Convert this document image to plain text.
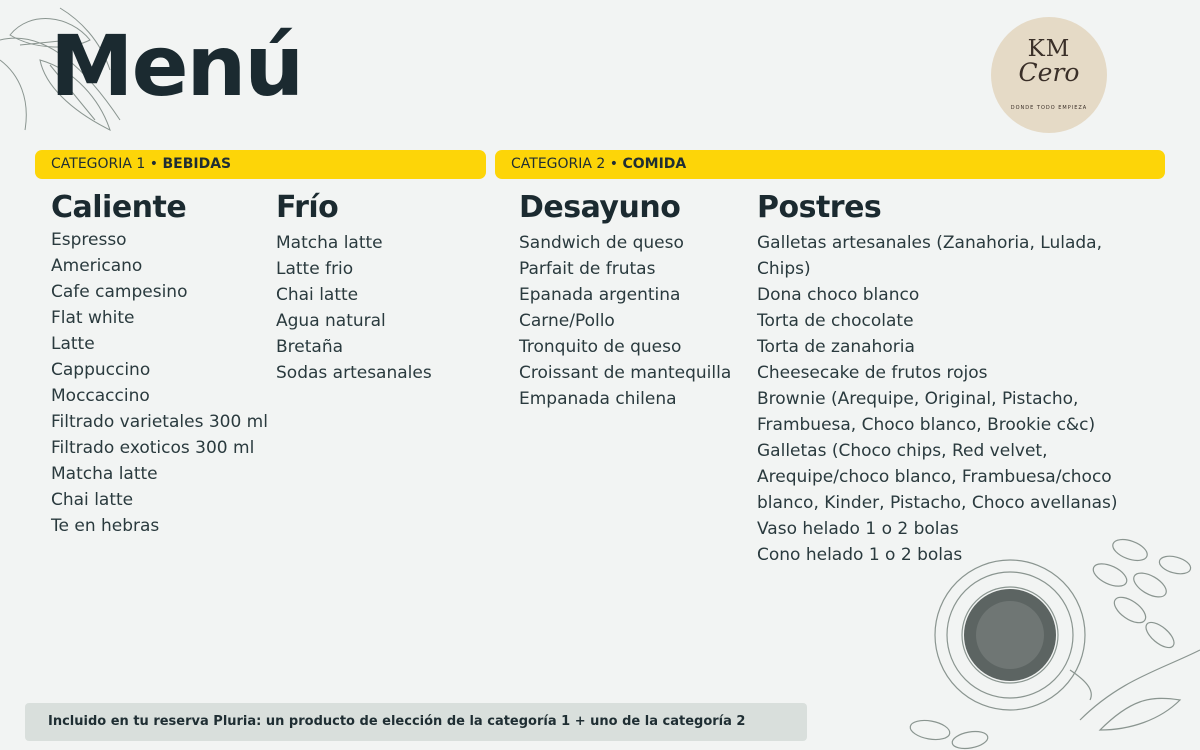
Menú	KM
Cero
DONDE TODO EMPIEZA
CATEGORIA 1 • BEBIDAS	CATEGORIA 2 • COMIDA
Caliente
Espresso
Americano
Cafe campesino
Flat white
Latte
Cappuccino
Moccaccino
Filtrado varietales 300 ml
Filtrado exoticos 300 ml
Matcha latte
Chai latte
Te en hebras
Frío
Matcha latte
Latte frio
Chai latte
Agua natural
Bretaña
Sodas artesanales
Desayuno
Sandwich de queso
Parfait de frutas
Epanada argentina
Carne/Pollo
Tronquito de queso
Croissant de mantequilla
Empanada chilena
Postres
Galletas artesanales (Zanahoria, Lulada, Chips)
Dona choco blanco
Torta de chocolate
Torta de zanahoria
Cheesecake de frutos rojos
Brownie (Arequipe, Original, Pistacho, Frambuesa, Choco blanco, Brookie c&c)
Galletas (Choco chips, Red velvet, Arequipe/choco blanco, Frambuesa/choco blanco, Kinder, Pistacho, Choco avellanas)
Vaso helado 1 o 2 bolas
Cono helado 1 o 2 bolas
Incluido en tu reserva Pluria: un producto de elección de la categoría 1 + uno de la categoría 2
